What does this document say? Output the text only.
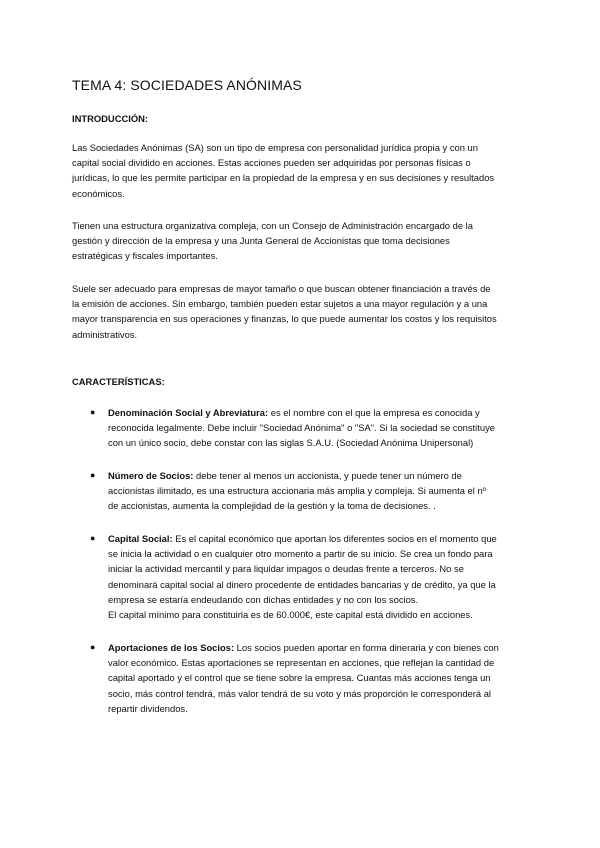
TEMA 4: SOCIEDADES ANÓNIMAS
INTRODUCCIÓN:

Las Sociedades Anónimas (SA) son un tipo de empresa con personalidad jurídica propia y con un
capital social dividido en acciones. Estas acciones pueden ser adquiridas por personas físicas o
jurídicas, lo que les permite participar en la propiedad de la empresa y en sus decisiones y resultados
económicos.

Tienen una estructura organizativa compleja, con un Consejo de Administración encargado de la
gestión y dirección de la empresa y una Junta General de Accionistas que toma decisiones
estratégicas y fiscales importantes.

Suele ser adecuado para empresas de mayor tamaño o que buscan obtener financiación a través de
la emisión de acciones. Sin embargo, también pueden estar sujetos a una mayor regulación y a una
mayor transparencia en sus operaciones y finanzas, lo que puede aumentar los costos y los requisitos
administrativos.

CARACTERÍSTICAS:
●	Denominación Social y Abreviatura: es el nombre con el que la empresa es conocida y
reconocida legalmente. Debe incluir "Sociedad Anónima" o "SA". Si la sociedad se constituye
con un único socio, debe constar con las siglas S.A.U. (Sociedad Anónima Unipersonal)
●	Número de Socios: debe tener al menos un accionista, y puede tener un número de
accionistas ilimitado, es una estructura accionaria más amplia y compleja. Si aumenta el nº
de accionistas, aumenta la complejidad de la gestión y la toma de decisiones. .
●	Capital Social: Es el capital económico que aportan los diferentes socios en el momento que
se inicia la actividad o en cualquier otro momento a partir de su inicio. Se crea un fondo para
iniciar la actividad mercantil y para liquidar impagos o deudas frente a terceros. No se
denominará capital social al dinero procedente de entidades bancarias y de crédito, ya que la
empresa se estaría endeudando con dichas entidades y no con los socios.
El capital mínimo para constituirla es de 60.000€, este capital está dividido en acciones.
●	Aportaciones de los Socios: Los socios pueden aportar en forma dineraria y con bienes con
valor económico. Estas aportaciones se representan en acciones, que reflejan la cantidad de
capital aportado y el control que se tiene sobre la empresa. Cuantas más acciones tenga un
socio, más control tendrá, más valor tendrá de su voto y más proporción le corresponderá al
repartir dividendos.
